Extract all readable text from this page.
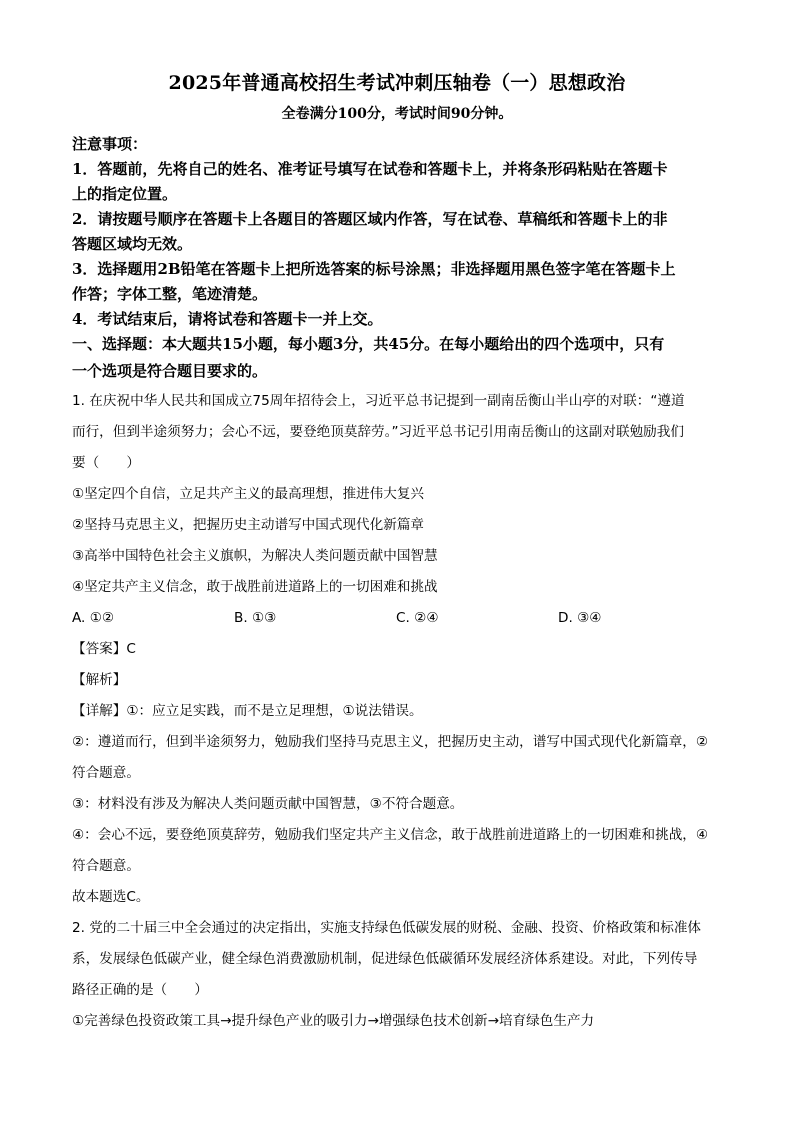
2025年普通高校招生考试冲刺压轴卷（一）思想政治
全卷满分100分，考试时间90分钟。
注意事项：
1．答题前，先将自己的姓名、准考证号填写在试卷和答题卡上，并将条形码粘贴在答题卡
上的指定位置。
2．请按题号顺序在答题卡上各题目的答题区域内作答，写在试卷、草稿纸和答题卡上的非
答题区域均无效。
3．选择题用2B铅笔在答题卡上把所选答案的标号涂黑；非选择题用黑色签字笔在答题卡上
作答；字体工整，笔迹清楚。
4．考试结束后，请将试卷和答题卡一并上交。
一、选择题：本大题共15小题，每小题3分，共45分。在每小题给出的四个选项中，只有
一个选项是符合题目要求的。
1. 在庆祝中华人民共和国成立75周年招待会上，习近平总书记提到一副南岳衡山半山亭的对联：“遵道
而行，但到半途须努力；会心不远，要登绝顶莫辞劳。”习近平总书记引用南岳衡山的这副对联勉励我们
要（　　）
①坚定四个自信，立足共产主义的最高理想，推进伟大复兴
②坚持马克思主义，把握历史主动谱写中国式现代化新篇章
③高举中国特色社会主义旗帜，为解决人类问题贡献中国智慧
④坚定共产主义信念，敢于战胜前进道路上的一切困难和挑战
A. ①②	B. ①③	C. ②④	D. ③④
【答案】C
【解析】
【详解】①：应立足实践，而不是立足理想，①说法错误。
②：遵道而行，但到半途须努力，勉励我们坚持马克思主义，把握历史主动，谱写中国式现代化新篇章，②
符合题意。
③：材料没有涉及为解决人类问题贡献中国智慧，③不符合题意。
④：会心不远，要登绝顶莫辞劳，勉励我们坚定共产主义信念，敢于战胜前进道路上的一切困难和挑战，④
符合题意。
故本题选C。
2. 党的二十届三中全会通过的决定指出，实施支持绿色低碳发展的财税、金融、投资、价格政策和标准体
系，发展绿色低碳产业，健全绿色消费激励机制，促进绿色低碳循环发展经济体系建设。对此，下列传导
路径正确的是（　　）
①完善绿色投资政策工具→提升绿色产业的吸引力→增强绿色技术创新→培育绿色生产力
